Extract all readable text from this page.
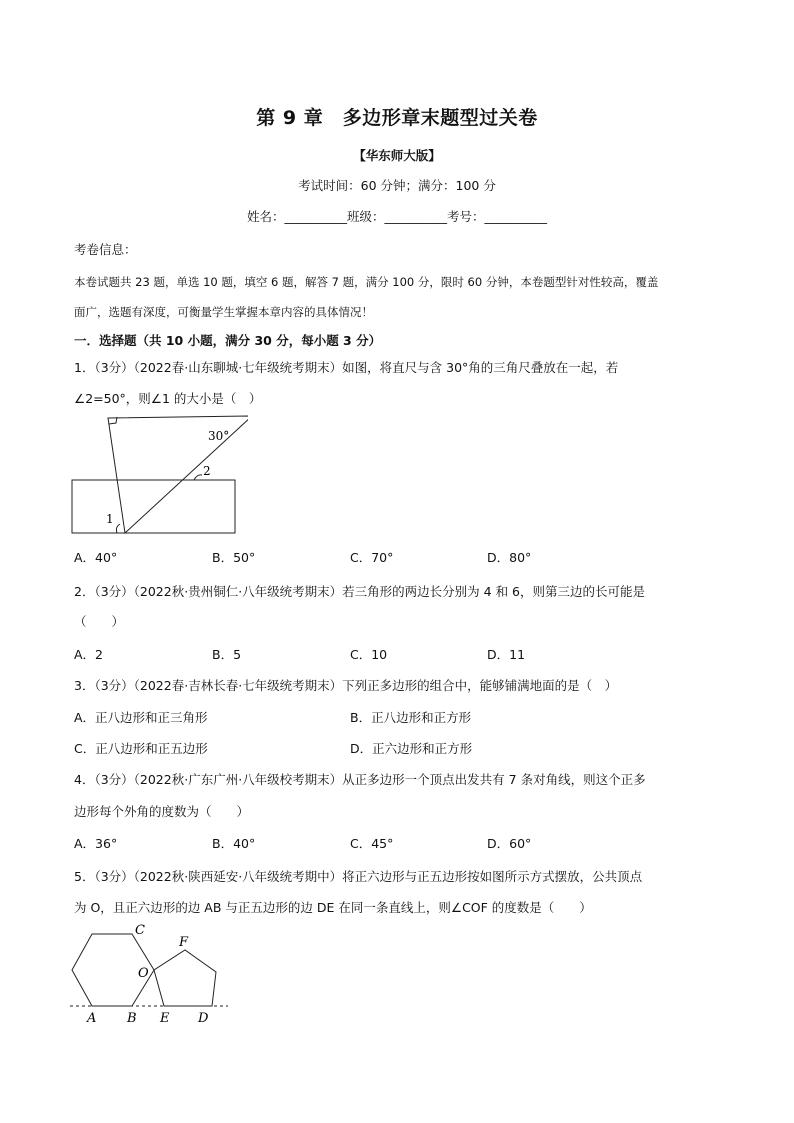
第 9 章　多边形章末题型过关卷
【华东师大版】
考试时间：60 分钟；满分：100 分
姓名：__________班级：__________考号：__________
考卷信息：
本卷试题共 23 题，单选 10 题，填空 6 题，解答 7 题，满分 100 分，限时 60 分钟，本卷题型针对性较高，覆盖
面广，选题有深度，可衡量学生掌握本章内容的具体情况！
一．选择题（共 10 小题，满分 30 分，每小题 3 分）
1．（3分）（2022春·山东聊城·七年级统考期末）如图，将直尺与含 30°角的三角尺叠放在一起，若
∠2=50°，则∠1 的大小是（　）
30°
2
1
A．40°	B．50°	C．70°	D．80°
2．（3分）（2022秋·贵州铜仁·八年级统考期末）若三角形的两边长分别为 4 和 6，则第三边的长可能是
（　　）
A．2	B．5	C．10	D．11
3．（3分）（2022春·吉林长春·七年级统考期末）下列正多边形的组合中，能够铺满地面的是（　）
A．正八边形和正三角形	B．正八边形和正方形
C．正八边形和正五边形	D．正六边形和正方形
4．（3分）（2022秋·广东广州·八年级校考期末）从正多边形一个顶点出发共有 7 条对角线，则这个正多
边形每个外角的度数为（　　）
A．36°	B．40°	C．45°	D．60°
5．（3分）（2022秋·陕西延安·八年级统考期中）将正六边形与正五边形按如图所示方式摆放，公共顶点
为 O，且正六边形的边 AB 与正五边形的边 DE 在同一条直线上，则∠COF 的度数是（　　）
C
F
O
A B E D
